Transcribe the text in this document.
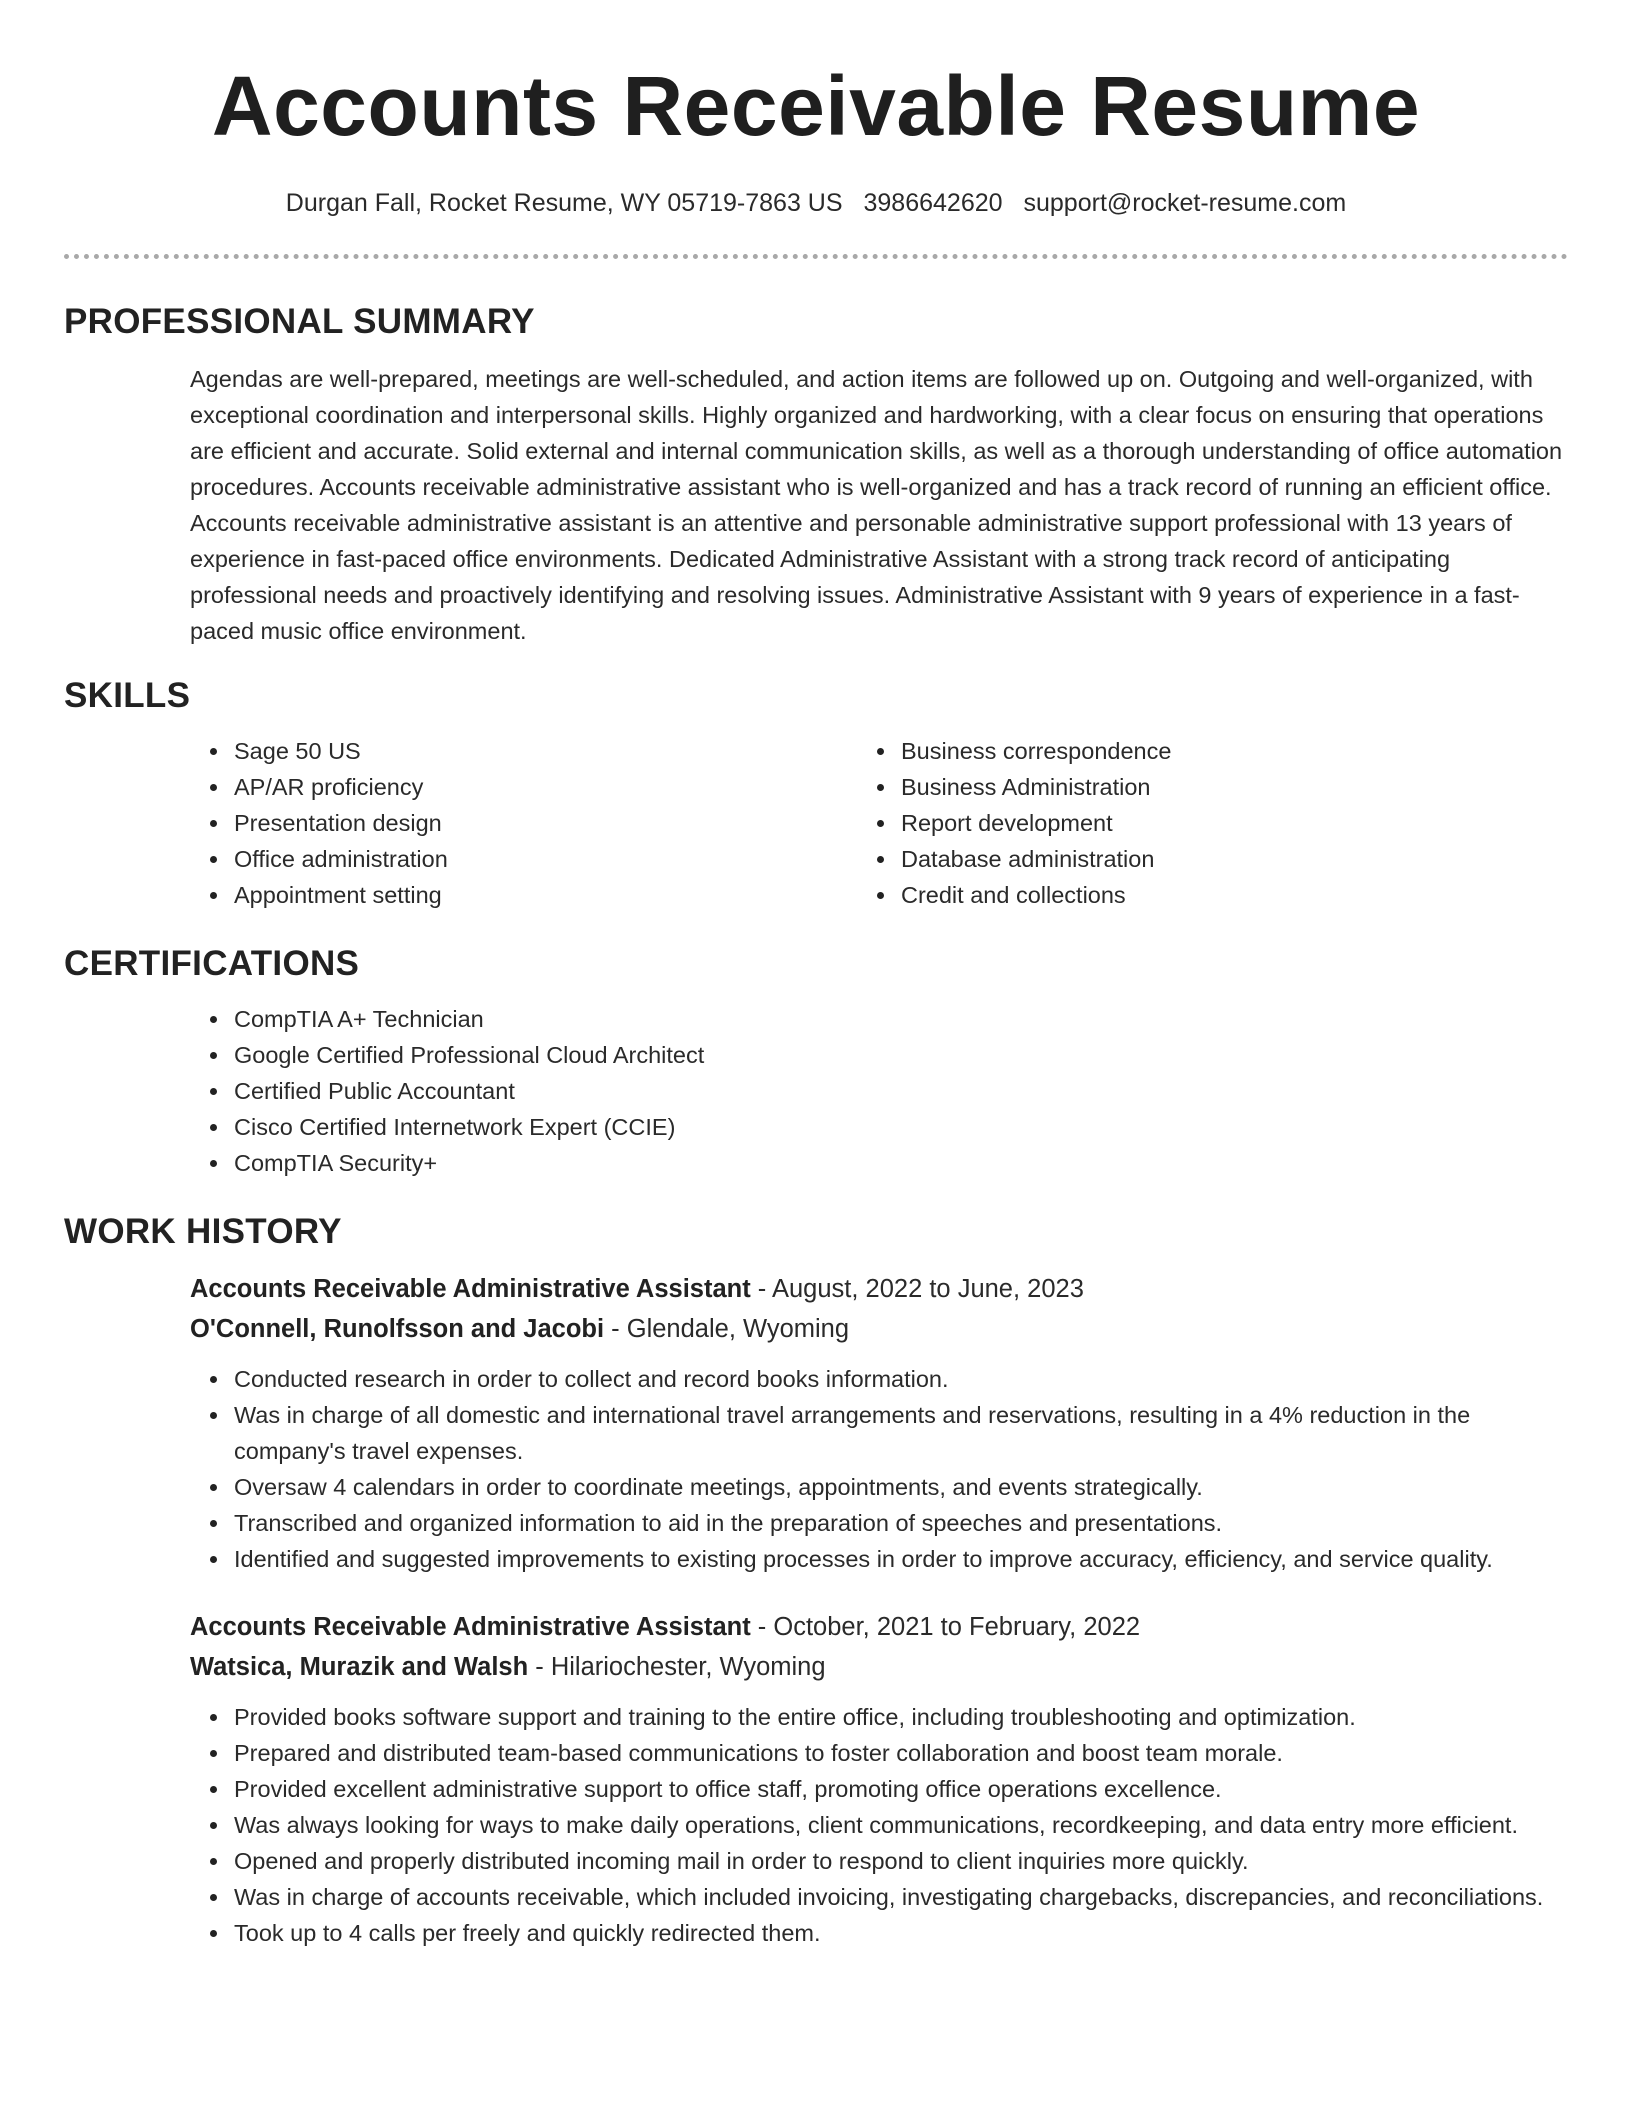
Accounts Receivable Resume
Durgan Fall, Rocket Resume, WY 05719-7863 US 3986642620 support@rocket-resume.com
PROFESSIONAL SUMMARY

Agendas are well-prepared, meetings are well-scheduled, and action items are followed up on. Outgoing and well-organized, with exceptional coordination and interpersonal skills. Highly organized and hardworking, with a clear focus on ensuring that operations are efficient and accurate. Solid external and internal communication skills, as well as a thorough understanding of office automation procedures. Accounts receivable administrative assistant who is well-organized and has a track record of running an efficient office. Accounts receivable administrative assistant is an attentive and personable administrative support professional with 13 years of experience in fast-paced office environments. Dedicated Administrative Assistant with a strong track record of anticipating professional needs and proactively identifying and resolving issues. Administrative Assistant with 9 years of experience in a fast-paced music office environment.

SKILLS
Sage 50 US
AP/AR proficiency
Presentation design
Office administration
Appointment setting
Business correspondence
Business Administration
Report development
Database administration
Credit and collections
CERTIFICATIONS
CompTIA A+ Technician
Google Certified Professional Cloud Architect
Certified Public Accountant
Cisco Certified Internetwork Expert (CCIE)
CompTIA Security+
WORK HISTORY
Accounts Receivable Administrative Assistant - August, 2022 to June, 2023
O'Connell, Runolfsson and Jacobi - Glendale, Wyoming
Conducted research in order to collect and record books information.
Was in charge of all domestic and international travel arrangements and reservations, resulting in a 4% reduction in the company's travel expenses.
Oversaw 4 calendars in order to coordinate meetings, appointments, and events strategically.
Transcribed and organized information to aid in the preparation of speeches and presentations.
Identified and suggested improvements to existing processes in order to improve accuracy, efficiency, and service quality.
Accounts Receivable Administrative Assistant - October, 2021 to February, 2022
Watsica, Murazik and Walsh - Hilariochester, Wyoming
Provided books software support and training to the entire office, including troubleshooting and optimization.
Prepared and distributed team-based communications to foster collaboration and boost team morale.
Provided excellent administrative support to office staff, promoting office operations excellence.
Was always looking for ways to make daily operations, client communications, recordkeeping, and data entry more efficient.
Opened and properly distributed incoming mail in order to respond to client inquiries more quickly.
Was in charge of accounts receivable, which included invoicing, investigating chargebacks, discrepancies, and reconciliations.
Took up to 4 calls per freely and quickly redirected them.
